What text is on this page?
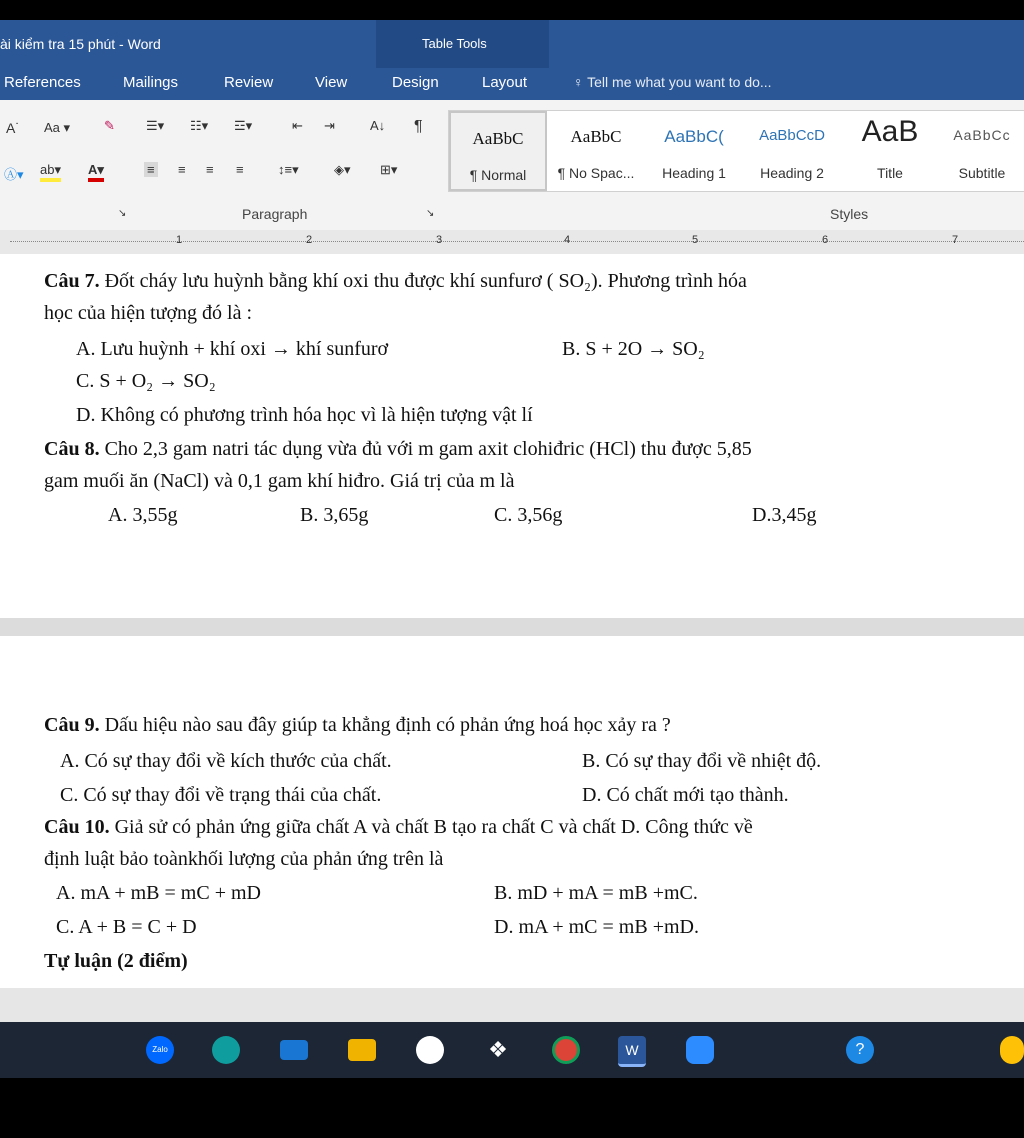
ài kiểm tra 15 phút - Word	Table Tools
References	Mailings	Review	View	Design	Layout	♀ Tell me what you want to do...
A˙ Aa ▾	✎ ☰▾ ☷▾ ☲▾	⇤ ⇥	A↓ ¶
Ⓐ▾ ab▾ A▾	≡ ≡ ≡ ≡	↕≡▾	◈▾ ⊞▾
Paragraph	Styles
↘	↘
AaBbC
¶ Normal
AaBbC
¶ No Spac...
AaBbC(
Heading 1
AaBbCcD
Heading 2
AaB
Title
AaBbCc
Subtitle
1	2	3	4	5	6	7
Câu 7. Đốt cháy lưu huỳnh bằng khí oxi thu được khí sunfurơ ( SO₂). Phương trình hóa
học của hiện tượng đó là :
A. Lưu huỳnh + khí oxi → khí sunfurơ	B. S + 2O → SO₂
C. S + O₂ → SO₂
D. Không có phương trình hóa học vì là hiện tượng vật lí
Câu 8. Cho 2,3 gam natri tác dụng vừa đủ với m gam axit clohiđric (HCl) thu được 5,85
gam muối ăn (NaCl) và 0,1 gam khí hiđro. Giá trị của m là
A. 3,55g	B. 3,65g	C. 3,56g	D.3,45g
Câu 9. Dấu hiệu nào sau đây giúp ta khẳng định có phản ứng hoá học xảy ra ?
A. Có sự thay đổi về kích thước của chất.	B. Có sự thay đổi về nhiệt độ.
C. Có sự thay đổi về trạng thái của chất.	D. Có chất mới tạo thành.
Câu 10. Giả sử có phản ứng giữa chất A và chất B tạo ra chất C và chất D. Công thức về
định luật bảo toànkhối lượng của phản ứng trên là
A. mA + mB = mC + mD	B. mD + mA = mB +mC.
C. A + B = C + D	D. mA + mC = mB +mD.
Tự luận (2 điểm)
Zalo	❖	W	?
